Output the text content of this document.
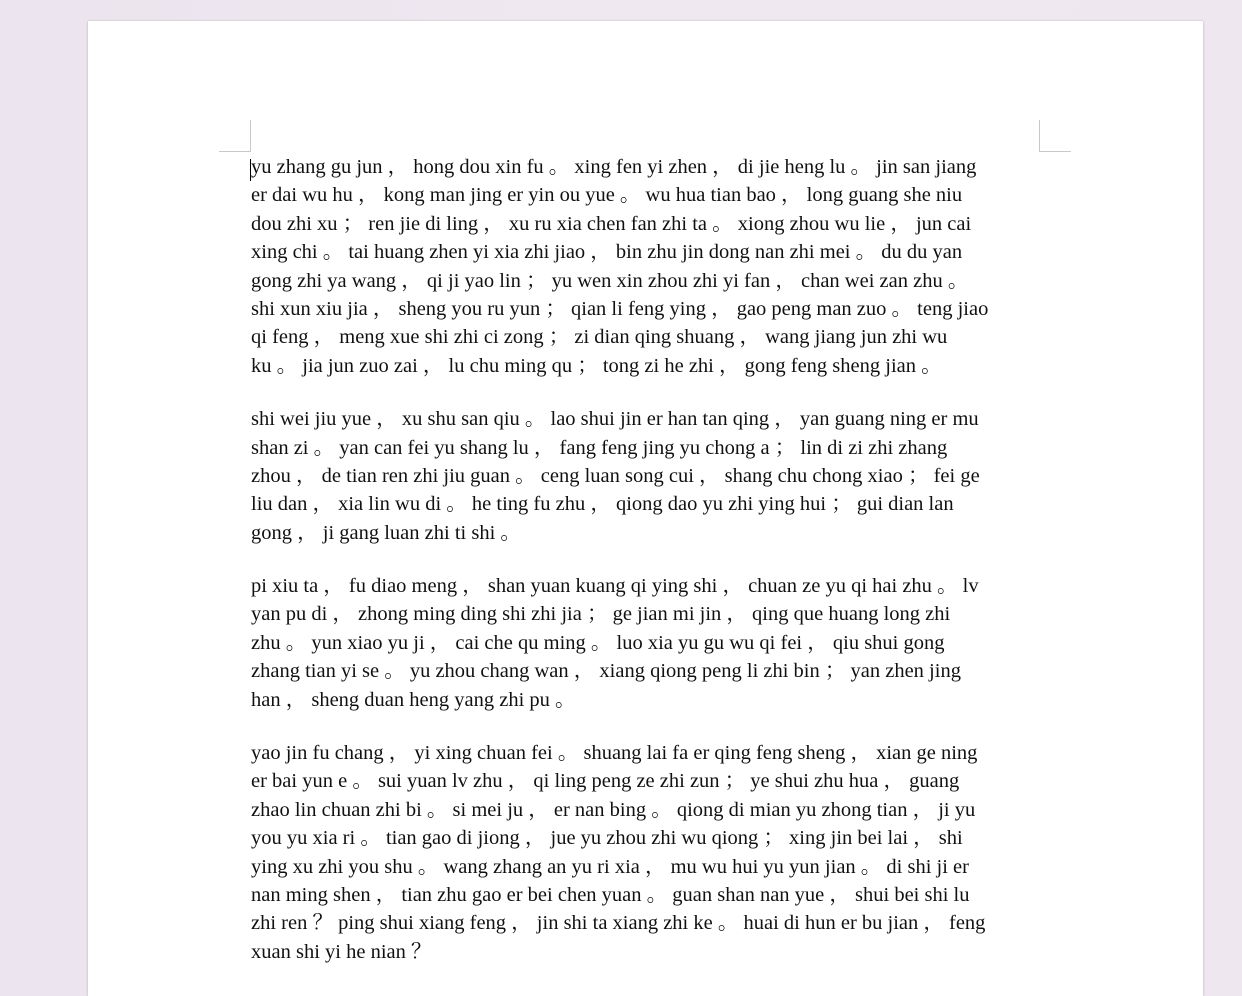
yu zhang gu jun ， hong dou xin fu 。 xing fen yi zhen ， di jie heng lu 。 jin san jiang
er dai wu hu ， kong man jing er yin ou yue 。 wu hua tian bao ， long guang she niu
dou zhi xu ； ren jie di ling ， xu ru xia chen fan zhi ta 。 xiong zhou wu lie ， jun cai
xing chi 。 tai huang zhen yi xia zhi jiao ， bin zhu jin dong nan zhi mei 。 du du yan
gong zhi ya wang ， qi ji yao lin ； yu wen xin zhou zhi yi fan ， chan wei zan zhu 。
shi xun xiu jia ， sheng you ru yun ； qian li feng ying ， gao peng man zuo 。 teng jiao
qi feng ， meng xue shi zhi ci zong ； zi dian qing shuang ， wang jiang jun zhi wu
ku 。 jia jun zuo zai ， lu chu ming qu ； tong zi he zhi ， gong feng sheng jian 。

shi wei jiu yue ， xu shu san qiu 。 lao shui jin er han tan qing ， yan guang ning er mu
shan zi 。 yan can fei yu shang lu ， fang feng jing yu chong a ； lin di zi zhi zhang
zhou ， de tian ren zhi jiu guan 。 ceng luan song cui ， shang chu chong xiao ； fei ge
liu dan ， xia lin wu di 。 he ting fu zhu ， qiong dao yu zhi ying hui ； gui dian lan
gong ， ji gang luan zhi ti shi 。

pi xiu ta ， fu diao meng ， shan yuan kuang qi ying shi ， chuan ze yu qi hai zhu 。 lv
yan pu di ， zhong ming ding shi zhi jia ； ge jian mi jin ， qing que huang long zhi
zhu 。 yun xiao yu ji ， cai che qu ming 。 luo xia yu gu wu qi fei ， qiu shui gong
zhang tian yi se 。 yu zhou chang wan ， xiang qiong peng li zhi bin ； yan zhen jing
han ， sheng duan heng yang zhi pu 。

yao jin fu chang ， yi xing chuan fei 。 shuang lai fa er qing feng sheng ， xian ge ning
er bai yun e 。 sui yuan lv zhu ， qi ling peng ze zhi zun ； ye shui zhu hua ， guang
zhao lin chuan zhi bi 。 si mei ju ， er nan bing 。 qiong di mian yu zhong tian ， ji yu
you yu xia ri 。 tian gao di jiong ， jue yu zhou zhi wu qiong ； xing jin bei lai ， shi
ying xu zhi you shu 。 wang zhang an yu ri xia ， mu wu hui yu yun jian 。 di shi ji er
nan ming shen ， tian zhu gao er bei chen yuan 。 guan shan nan yue ， shui bei shi lu
zhi ren ？ ping shui xiang feng ， jin shi ta xiang zhi ke 。 huai di hun er bu jian ， feng
xuan shi yi he nian ？
